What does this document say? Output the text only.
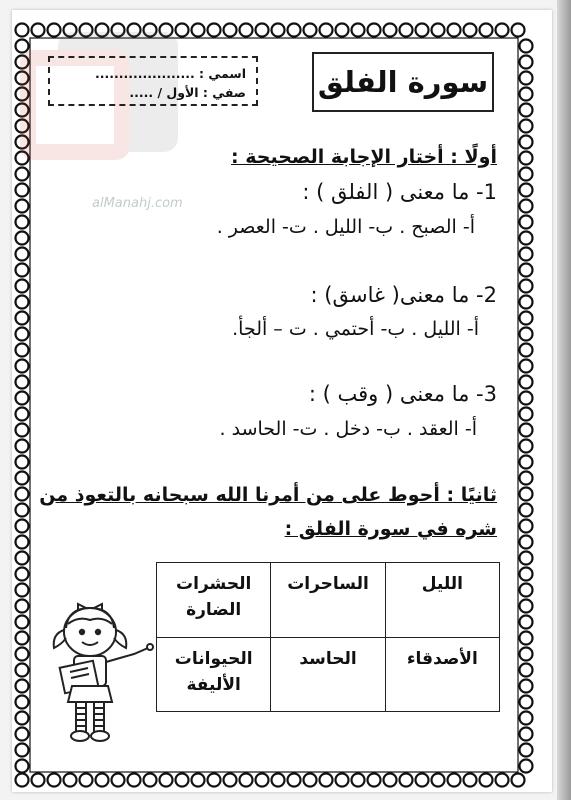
alManahj.com
سورة الفلق
اسمي : .....................
صفي : الأول / .....
أولًا : أختار الإجابة الصحيحة :
1- ما معنى ( الفلق ) :
أ- الصبح . ب- الليل . ت- العصر .
2- ما معنى( غاسق) :
أ- الليل . ب- أحتمي . ت – ألجأ.
3- ما معنى ( وقب ) :
أ- العقد . ب- دخل . ت- الحاسد .
ثانيًا : أحوط على من أمرنا الله سبحانه بالتعوذ من
شره في سورة الفلق :
الليل	الساحرات	الحشرات الضارة
الأصدقاء	الحاسد	الحيوانات الأليفة
